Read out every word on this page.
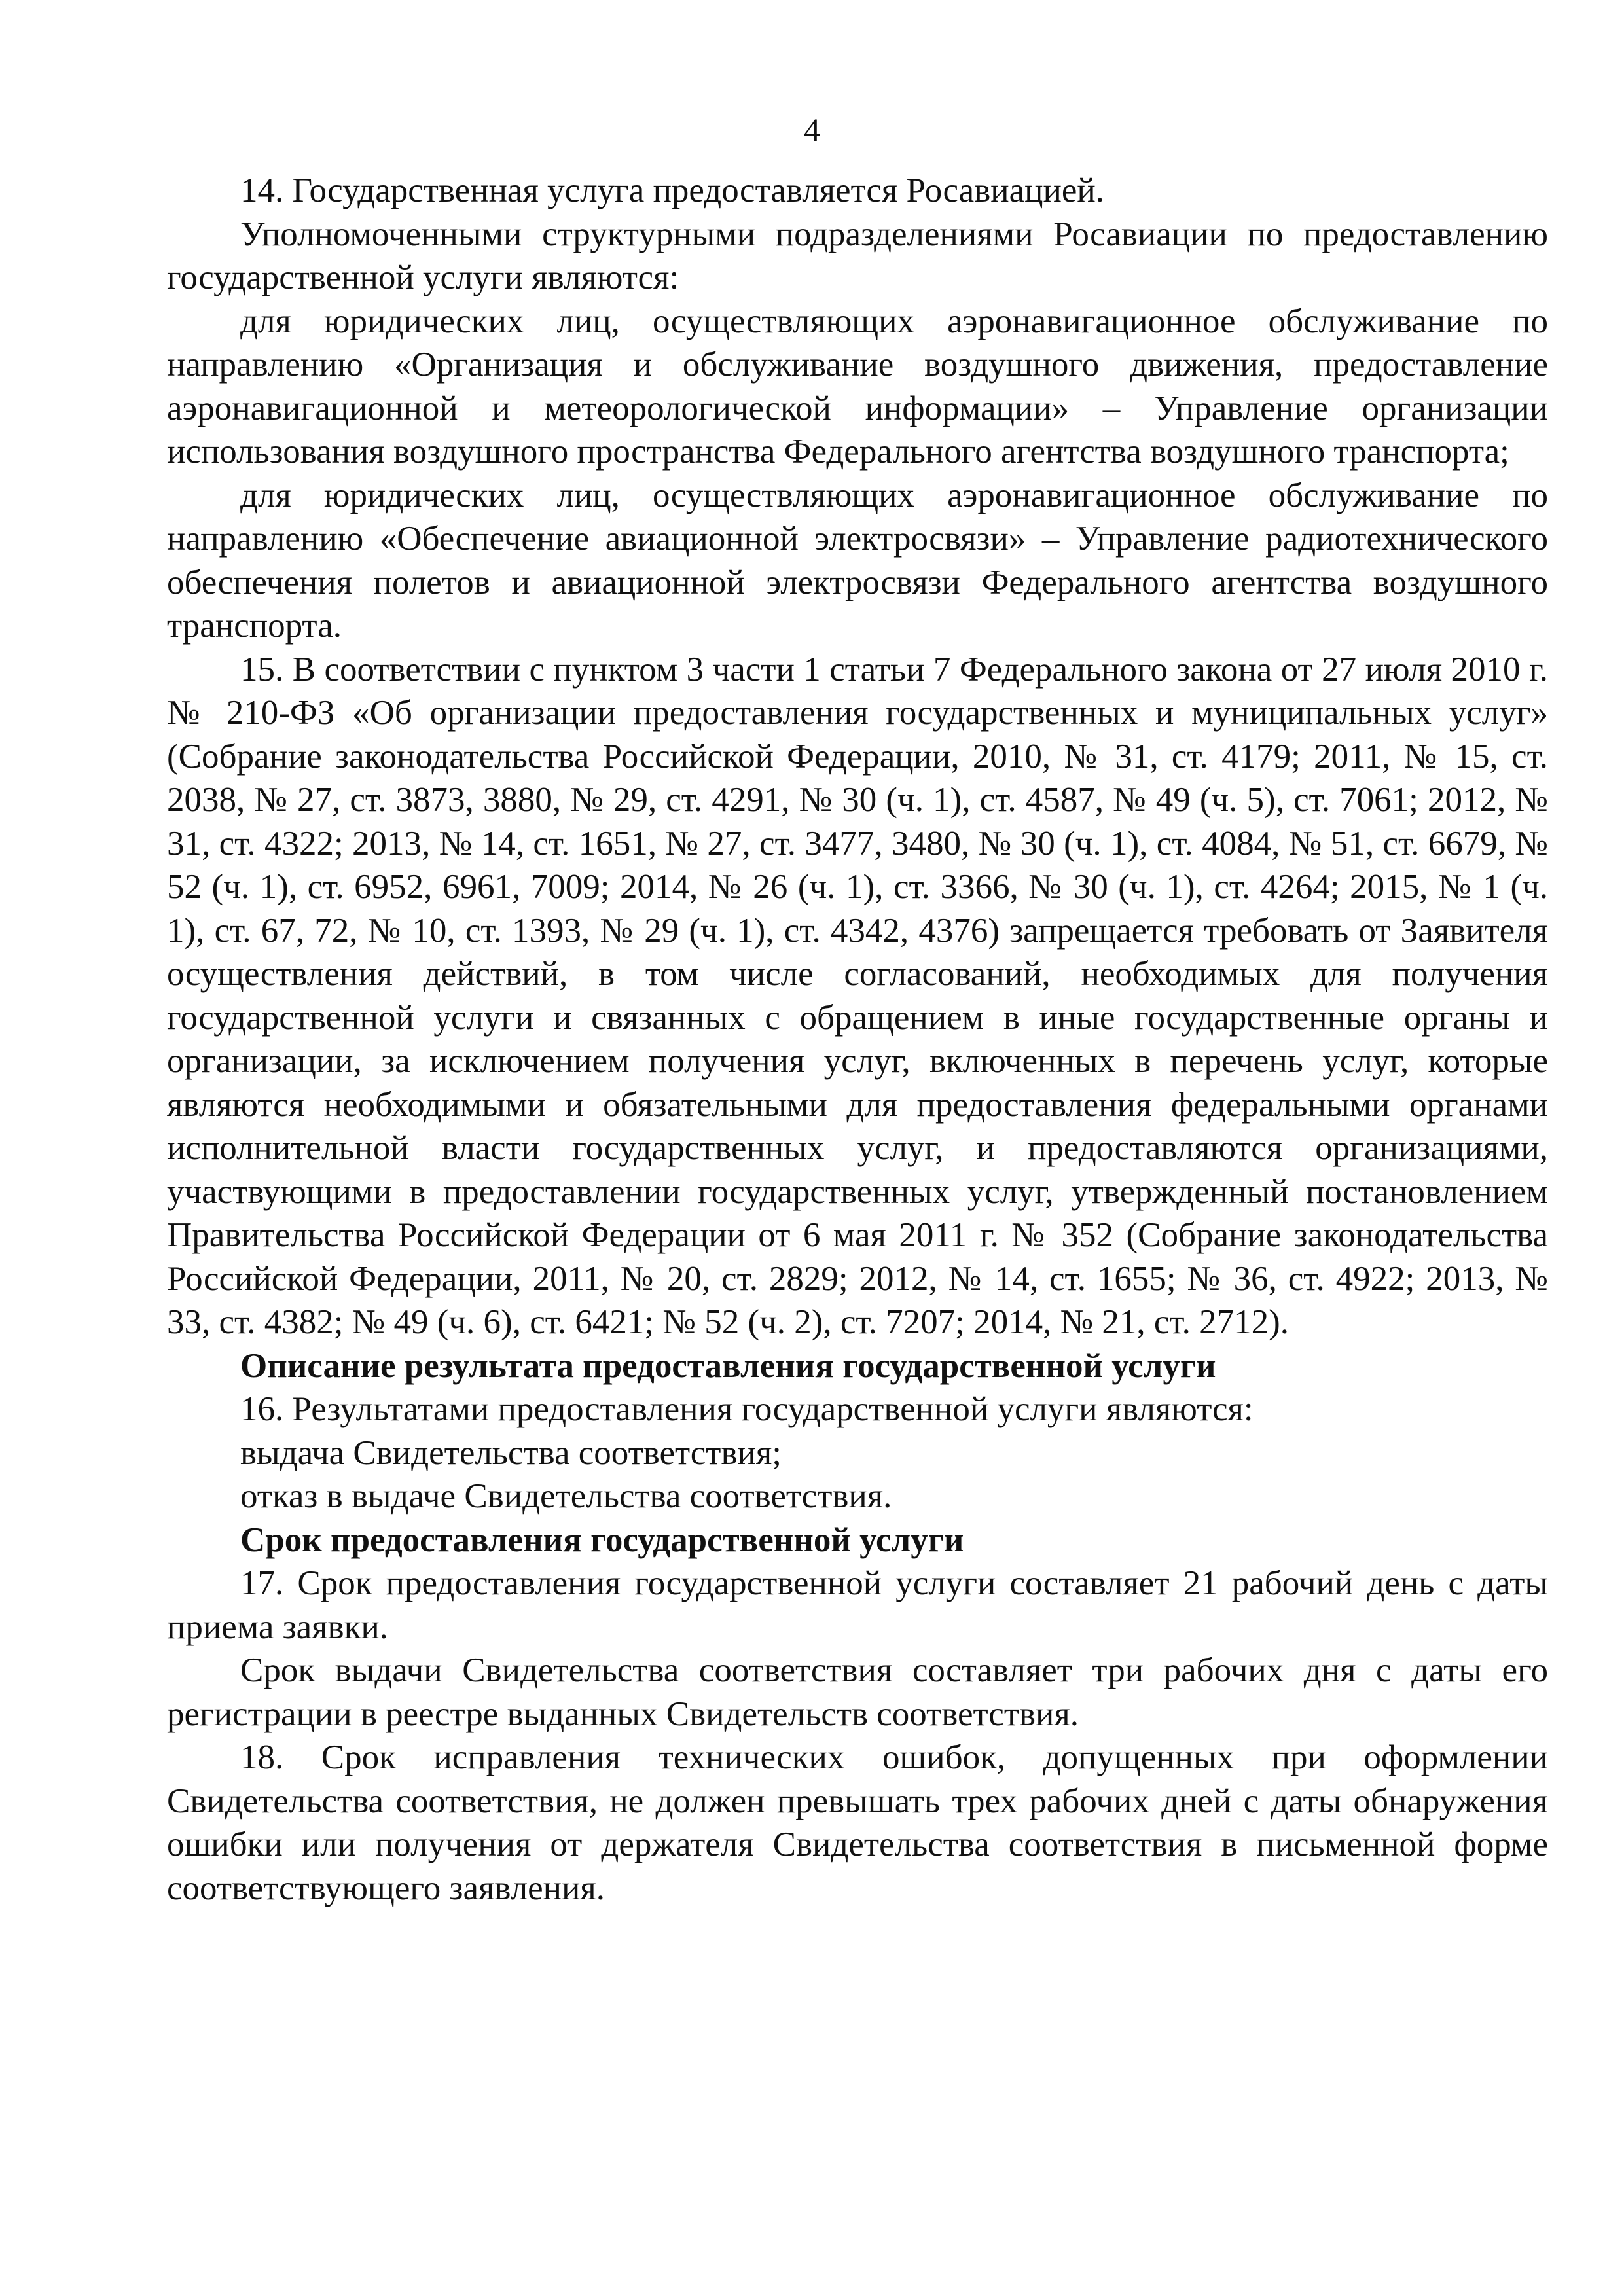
4

14. Государственная услуга предоставляется Росавиацией.

Уполномоченными структурными подразделениями Росавиации по предоставлению государственной услуги являются:

для юридических лиц, осуществляющих аэронавигационное обслуживание по направлению «Организация и обслуживание воздушного движения, предоставление аэронавигационной и метеорологической информации» – Управление организации использования воздушного пространства Федерального агентства воздушного транспорта;

для юридических лиц, осуществляющих аэронавигационное обслуживание по направлению «Обеспечение авиационной электросвязи» – Управление радиотехнического обеспечения полетов и авиационной электросвязи Федерального агентства воздушного транспорта.

15. В соответствии с пунктом 3 части 1 статьи 7 Федерального закона от 27 июля 2010 г. № 210-ФЗ «Об организации предоставления государственных и муниципальных услуг» (Собрание законодательства Российской Федерации, 2010, № 31, ст. 4179; 2011, № 15, ст. 2038, № 27, ст. 3873, 3880, № 29, ст. 4291, № 30 (ч. 1), ст. 4587, № 49 (ч. 5), ст. 7061; 2012, № 31, ст. 4322; 2013, № 14, ст. 1651, № 27, ст. 3477, 3480, № 30 (ч. 1), ст. 4084, № 51, ст. 6679, № 52 (ч. 1), ст. 6952, 6961, 7009; 2014, № 26 (ч. 1), ст. 3366, № 30 (ч. 1), ст. 4264; 2015, № 1 (ч. 1), ст. 67, 72, № 10, ст. 1393, № 29 (ч. 1), ст. 4342, 4376) запрещается требовать от Заявителя осуществления действий, в том числе согласований, необходимых для получения государственной услуги и связанных с обращением в иные государственные органы и организации, за исключением получения услуг, включенных в перечень услуг, которые являются необходимыми и обязательными для предоставления федеральными органами исполнительной власти государственных услуг, и предоставляются организациями, участвующими в предоставлении государственных услуг, утвержденный постановлением Правительства Российской Федерации от 6 мая 2011 г. № 352 (Собрание законодательства Российской Федерации, 2011, № 20, ст. 2829; 2012, № 14, ст. 1655; № 36, ст. 4922; 2013, № 33, ст. 4382; № 49 (ч. 6), ст. 6421; № 52 (ч. 2), ст. 7207; 2014, № 21, ст. 2712).

Описание результата предоставления государственной услуги

16. Результатами предоставления государственной услуги являются:

выдача Свидетельства соответствия;

отказ в выдаче Свидетельства соответствия.

Срок предоставления государственной услуги

17. Срок предоставления государственной услуги составляет 21 рабочий день с даты приема заявки.

Срок выдачи Свидетельства соответствия составляет три рабочих дня с даты его регистрации в реестре выданных Свидетельств соответствия.

18. Срок исправления технических ошибок, допущенных при оформлении Свидетельства соответствия, не должен превышать трех рабочих дней с даты обнаружения ошибки или получения от держателя Свидетельства соответствия в письменной форме соответствующего заявления.
